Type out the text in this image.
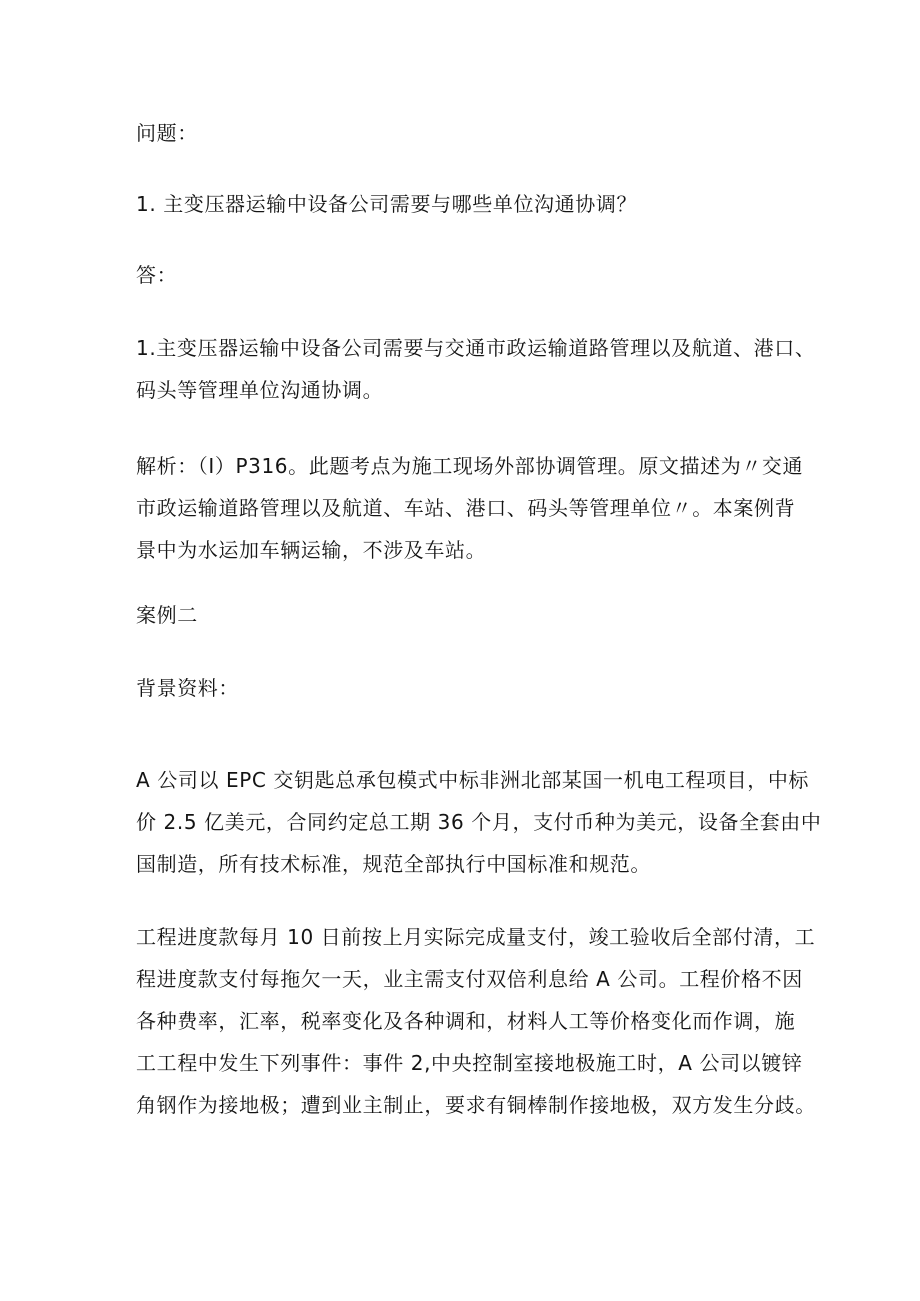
问题：

1. 主变压器运输中设备公司需要与哪些单位沟通协调？

答：

1.主变压器运输中设备公司需要与交通市政运输道路管理以及航道、港口、
码头等管理单位沟通协调。

解析：（I）P316。此题考点为施工现场外部协调管理。原文描述为〃交通
市政运输道路管理以及航道、车站、港口、码头等管理单位〃。本案例背
景中为水运加车辆运输，不涉及车站。

案例二

背景资料：

A 公司以 EPC 交钥匙总承包模式中标非洲北部某国一机电工程项目，中标
价 2.5 亿美元，合同约定总工期 36 个月，支付币种为美元，设备全套由中
国制造，所有技术标准，规范全部执行中国标准和规范。

工程进度款每月 10 日前按上月实际完成量支付，竣工验收后全部付清，工
程进度款支付每拖欠一天，业主需支付双倍利息给 A 公司。工程价格不因
各种费率，汇率，税率变化及各种调和，材料人工等价格变化而作调，施
工工程中发生下列事件：事件 2,中央控制室接地极施工时，A 公司以镀锌
角钢作为接地极；遭到业主制止，要求有铜棒制作接地极，双方发生分歧。
